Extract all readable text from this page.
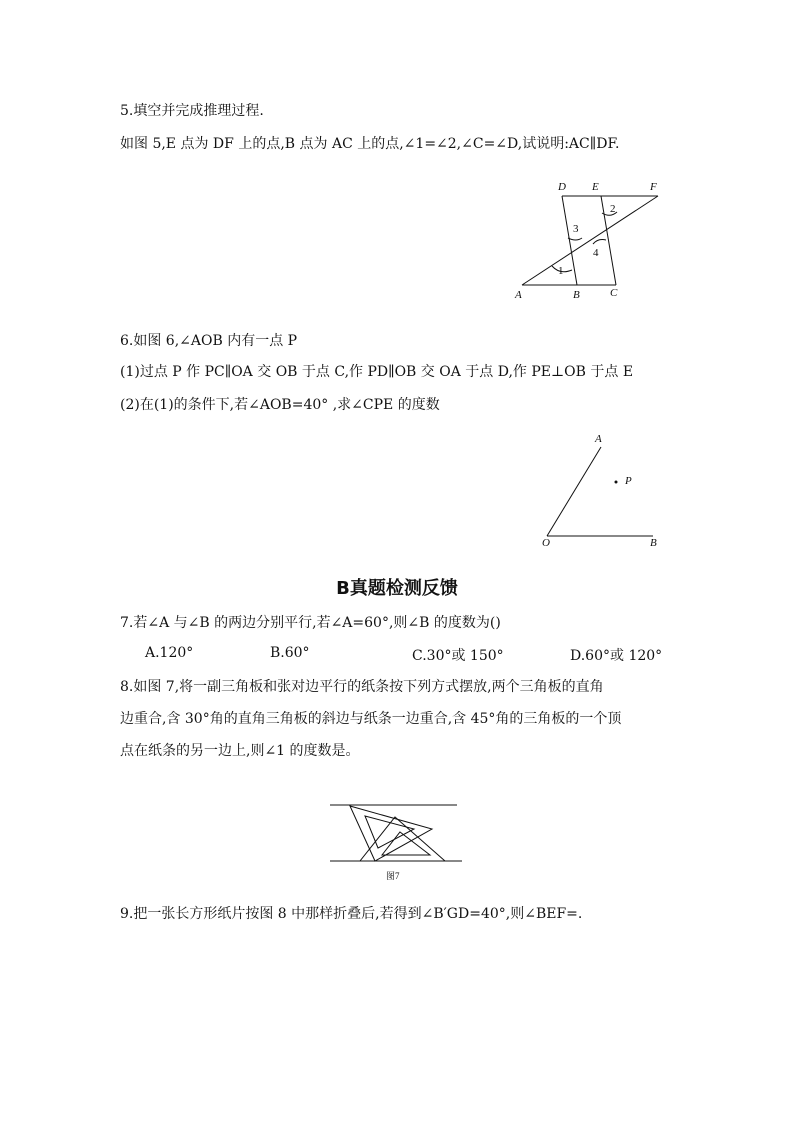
5.填空并完成推理过程.
如图 5,E 点为 DF 上的点,B 点为 AC 上的点,∠1=∠2,∠C=∠D,试说明:AC∥DF.
D E	F
A	B	C
1
2
3
4
6.如图 6,∠AOB 内有一点 P
(1)过点 P 作 PC∥OA 交 OB 于点 C,作 PD∥OB 交 OA 于点 D,作 PE⊥OB 于点 E
(2)在(1)的条件下,若∠AOB=40° ,求∠CPE 的度数
A
P
O	B
B真题检测反馈
7.若∠A 与∠B 的两边分别平行,若∠A=60°,则∠B 的度数为()
A.120°	B.60°	C.30°或 150°	D.60°或 120°
8.如图 7,将一副三角板和张对边平行的纸条按下列方式摆放,两个三角板的直角
边重合,含 30°角的直角三角板的斜边与纸条一边重合,含 45°角的三角板的一个顶
点在纸条的另一边上,则∠1 的度数是。
图7
9.把一张长方形纸片按图 8 中那样折叠后,若得到∠B′GD=40°,则∠BEF=.
